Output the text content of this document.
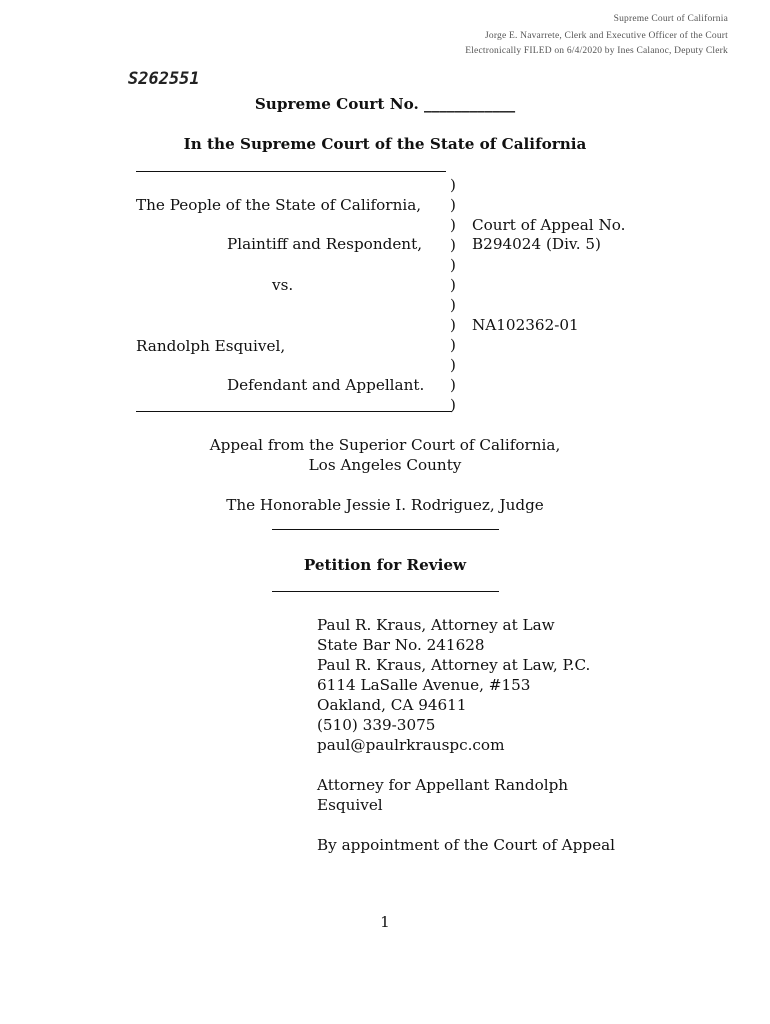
Supreme Court of California
Jorge E. Navarrete, Clerk and Executive Officer of the Court
Electronically FILED on 6/4/2020 by Ines Calanoc, Deputy Clerk
S262551
Supreme Court No. ____________
In the Supreme Court of the State of California
The People of the State of California,
Plaintiff and Respondent,
vs.
Randolph Esquivel,
Defendant and Appellant.
)
)
)
)
)
)
)
)
)
)
)
)
Court of Appeal No.
B294024 (Div. 5)
NA102362-01
Appeal from the Superior Court of California,
Los Angeles County
The Honorable Jessie I. Rodriguez, Judge
Petition for Review
Paul R. Kraus, Attorney at Law
State Bar No. 241628
Paul R. Kraus, Attorney at Law, P.C.
6114 LaSalle Avenue, #153
Oakland, CA 94611
(510) 339-3075
paul@paulrkrauspc.com
Attorney for Appellant Randolph
Esquivel
By appointment of the Court of Appeal
1
